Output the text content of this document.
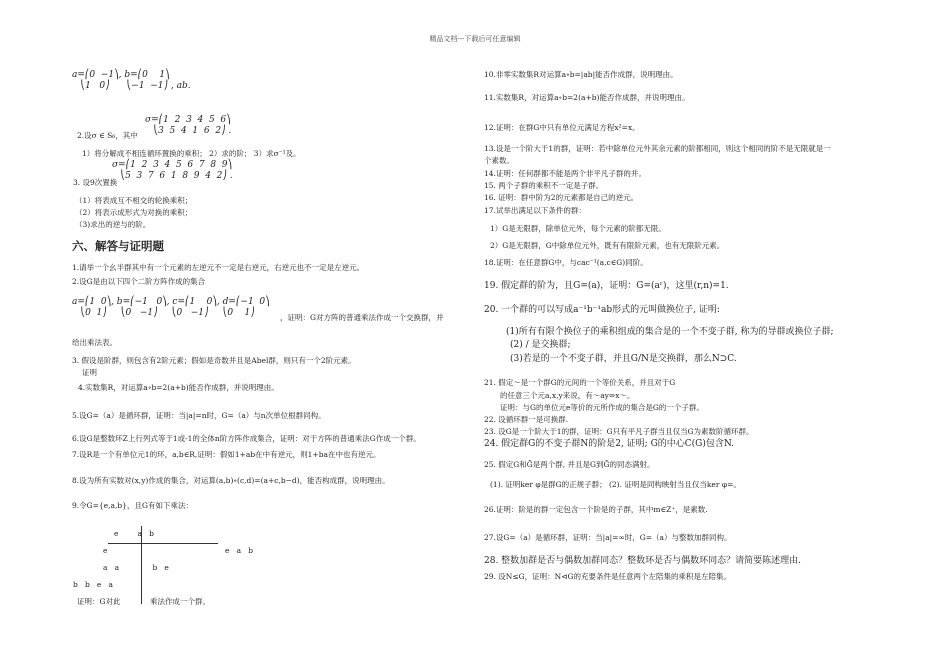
精品文档---下载后可任意编辑
a=⎛0  −1⎞, b=⎛0    1⎞
⎝1   0⎠      ⎝−1  −1⎠ , ab.
σ=⎛1  2  3  4  5  6⎞
2.设σ ∈ S₆，其中 ⎝3  5  4  1  6  2⎠ .
1）将分解成不相连循环置换的乘积； 2）求的阶； 3）求σ⁻¹及。
σ=⎛1  2  3  4  5  6  7  8  9⎞
3. 设9次置换
⎝5  3  7  6  1  8  9  4  2⎠ .
（1）将表成互不相交的轮换乘积；
（2）将表示成形式为对换的乘积；
（3)求出的逆与的阶。
六、解答与证明题
1.请举一个幺半群其中有一个元素的左逆元不一定是右逆元，右逆元也不一定是左逆元。
2.设G是由以下四个二阶方阵作成的集合
a=⎛1  0⎞, b=⎛−1   0⎞, c=⎛1    0⎞, d=⎛−1  0⎞
⎝0  1⎠     ⎝0   −1⎠     ⎝0   −1⎠     ⎝0    1⎠	，证明：G对方阵的普通乘法作成一个交换群，并
给出乘法表。
3. 假设是阶群，则包含有2阶元素；假如是奇数并且是Abel群，则只有一个2阶元素。
证明
4.实数集R，对运算a∘b=2(a+b)能否作成群，并说明理由。
5.设G=（a）是循环群，证明：当|a|=n时，G=（a）与n次单位根群同构。
6.设G是整数环Z上行列式等于1或-1的全体n阶方阵作成集合，证明：对于方阵的普通乘法G作成一个群。
7.设R是一个有单位元1的环，a,b∈R,证明：假如1+ab在中有逆元，则1+ba在中也有逆元。
8.设为所有实数对(x,y)作成的集合，对运算(a,b)∘(c,d)=(a+c,b−d)，能否构成群，说明理由。
9.令G={e,a,b}，且G有如下乘法：
e        a   b
e	e   a   b
a   a              b   e
b   b   e   a
证明：G对此	乘法作成一个群。
10.非零实数集R对运算a∘b=|ab|能否作成群，说明理由。
11.实数集R，对运算a∘b=2(a+b)能否作成群，并说明理由。
12.证明：在群G中只有单位元满足方程x²=x。
13.设是一个阶大于1的群，证明：若中除单位元外其余元素的阶都相同，则这个相同的阶不是无限就是一
个素数。
14.证明：任何群都不能是两个非平凡子群的并。
15. 两个子群的乘积不一定是子群。
16. 证明：群中阶为2的元素都是自己的逆元。
17.试举出满足以下条件的群：
1）G是无限群，除单位元外，每个元素的阶都无限。
2）G是无限群，G中除单位元外，既有有限阶元素，也有无限阶元素。
18.证明：在任意群G中，与cac⁻¹(a,c∈G)同阶。
19. 假定群的阶为，且G=(a)，证明：G=(aʳ)，这里(r,n)=1.
20. 一个群的可以写成a⁻¹b⁻¹ab形式的元叫做换位子, 证明:
(1)所有有限个换位子的乘积组成的集合是的一个不变子群, 称为的导群或换位子群;
(2) / 是交换群;
(3)若是的一个不变子群，并且G/N是交换群，那么N⊃C.
21. 假定～是一个群G的元间的一个等价关系，并且对于G
的任意三个元a,x,y来说，有～ay⇒x～。
证明：与G的单位元e等价的元所作成的集合是G的一个子群。
22. 设循环群一是可换群.
23. 设G是一个阶大于1的群，证明：G只有平凡子群当且仅当G为素数阶循环群。
24. 假定群G的不变子群N的阶是2, 证明; G的中心C(G)包含N.
25. 假定G和Ḡ是两个群, 并且是G到Ḡ的同态满射。
(1). 证明ker φ是群G的正规子群； (2). 证明是同构映射当且仅当ker φ=。
26.证明：阶是的群一定包含一个阶是的子群，其中m∈Z⁺，是素数.
27.设G=（a）是循环群，证明：当|a|=∞时，G=（a）与整数加群同构。
28. 整数加群是否与偶数加群同态？整数环是否与偶数环同态？请简要陈述理由.
29. 设N≤G，证明：N⊲G的充要条件是任意两个左陪集的乘积是左陪集。
